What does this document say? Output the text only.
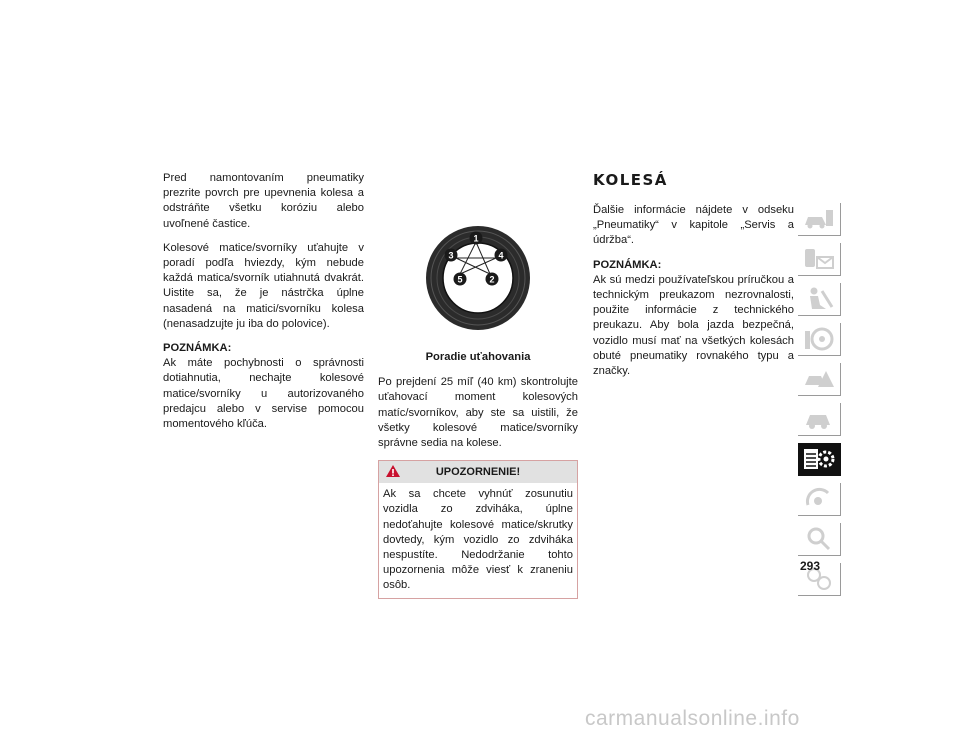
Pred namontovaním pneumatiky prezrite povrch pre upevnenia kolesa a odstráňte všetku koróziu alebo uvoľnené častice.

Kolesové matice/svorníky uťahujte v poradí podľa hviezdy, kým nebude každá matica/svorník utiahnutá dvakrát. Uistite sa, že je nástrčka úplne nasadená na matici/svorníku kolesa (nenasadzujte ju iba do polovice).

POZNÁMKA:

Ak máte pochybnosti o správnosti dotiahnutia, nechajte kolesové matice/svorníky u autorizovaného predajcu alebo v servise pomocou momentového kľúča.

1
2
3	4
5
Poradie uťahovania

Po prejdení 25 míľ (40 km) skontrolujte uťahovací moment kolesových matíc/svorníkov, aby ste sa uistili, že všetky kolesové matice/svorníky správne sedia na kolese.

UPOZORNENIE!
Ak sa chcete vyhnúť zosunutiu vozidla zo zdviháka, úplne nedoťahujte kolesové matice/skrutky dovtedy, kým vozidlo zo zdviháka nespustíte. Nedodržanie tohto upozornenia môže viesť k zraneniu osôb.
KOLESÁ

Ďalšie informácie nájdete v odseku „Pneumatiky“ v kapitole „Servis a údržba“.

POZNÁMKA:

Ak sú medzi používateľskou príručkou a technickým preukazom nezrovnalosti, použite informácie z technického preukazu. Aby bola jazda bezpečná, vozidlo musí mať na všetkých kolesách obuté pneumatiky rovnakého typu a značky.

293
carmanualsonline.info
